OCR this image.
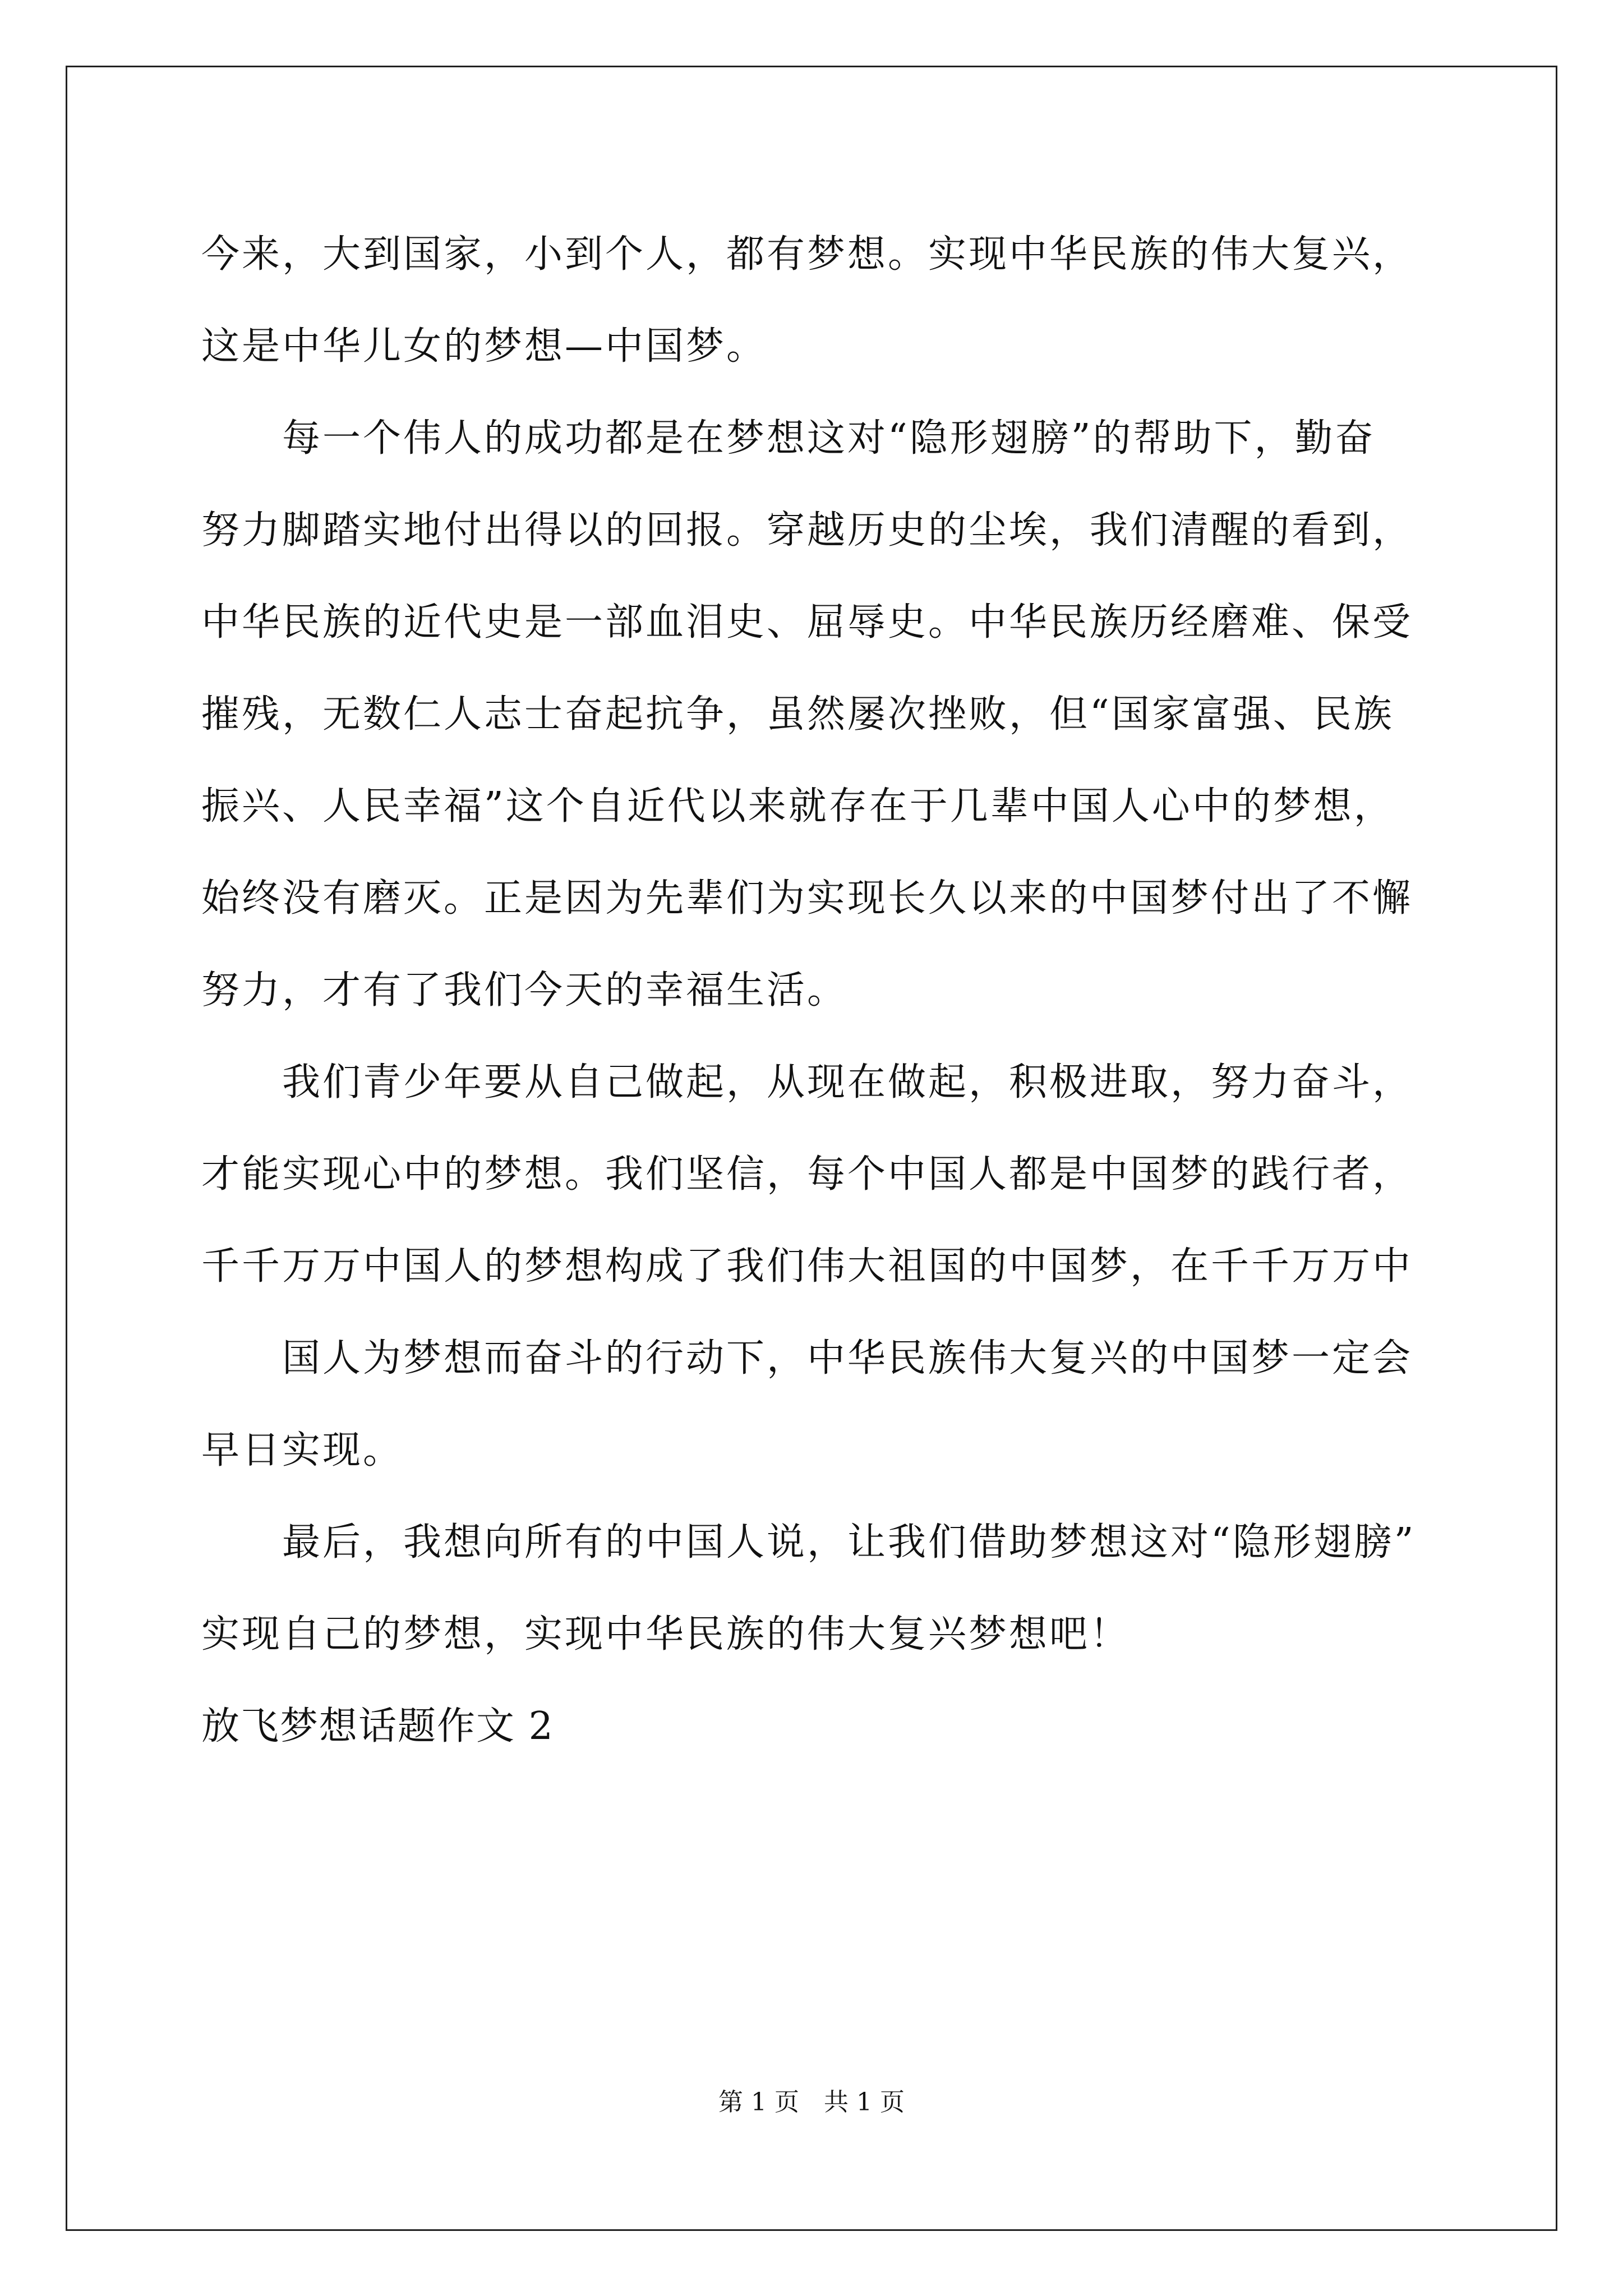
今来，大到国家，小到个人，都有梦想。实现中华民族的伟大复兴，
这是中华儿女的梦想—中国梦。
每一个伟人的成功都是在梦想这对“隐形翅膀”的帮助下，勤奋
努力脚踏实地付出得以的回报。穿越历史的尘埃，我们清醒的看到，
中华民族的近代史是一部血泪史、屈辱史。中华民族历经磨难、保受
摧残，无数仁人志士奋起抗争，虽然屡次挫败，但“国家富强、民族
振兴、人民幸福”这个自近代以来就存在于几辈中国人心中的梦想，
始终没有磨灭。正是因为先辈们为实现长久以来的中国梦付出了不懈
努力，才有了我们今天的幸福生活。
我们青少年要从自己做起，从现在做起，积极进取，努力奋斗，
才能实现心中的梦想。我们坚信，每个中国人都是中国梦的践行者，
千千万万中国人的梦想构成了我们伟大祖国的中国梦，在千千万万中
国人为梦想而奋斗的行动下，中华民族伟大复兴的中国梦一定会
早日实现。
最后，我想向所有的中国人说，让我们借助梦想这对“隐形翅膀”
实现自己的梦想，实现中华民族的伟大复兴梦想吧！
放飞梦想话题作文 2
第 1 页　共 1 页
